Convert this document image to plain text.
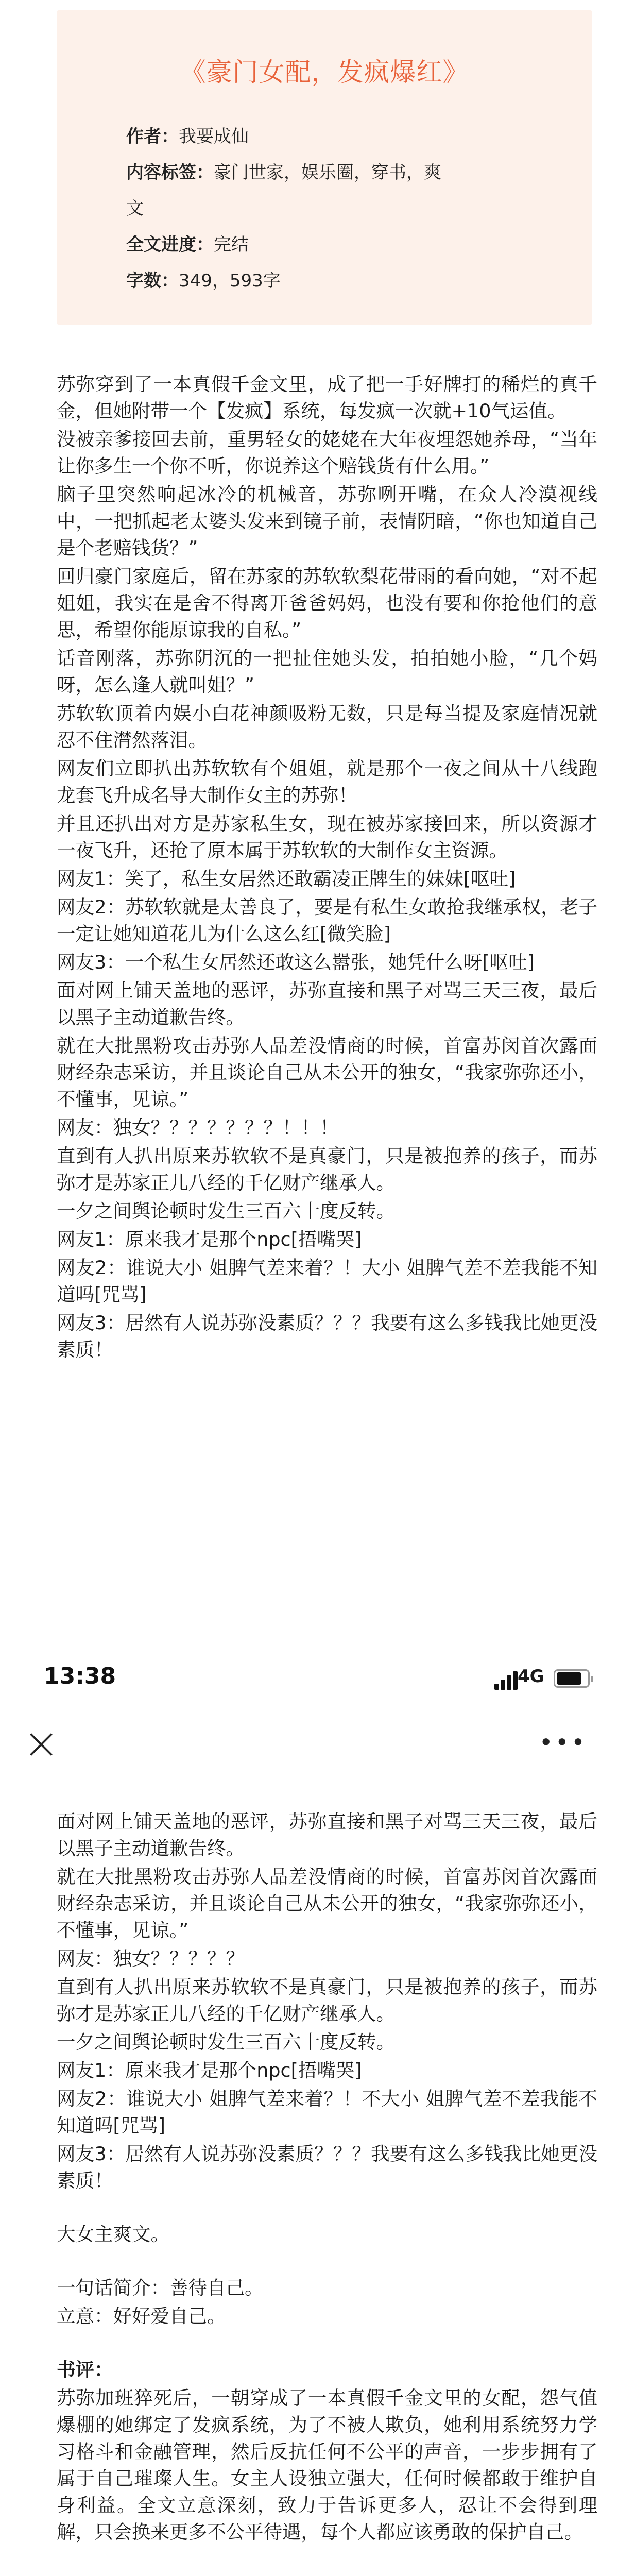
《豪门女配，发疯爆红》
作者：我要成仙
内容标签：豪门世家，娱乐圈，穿书，爽
文
全文进度：完结
字数：349，593字

苏弥穿到了一本真假千金文里，成了把一手好牌打的稀烂的真千金，但她附带一个【发疯】系统，每发疯一次就+10气运值。

没被亲爹接回去前，重男轻女的姥姥在大年夜埋怨她养母，“当年让你多生一个你不听，你说养这个赔钱货有什么用。”

脑子里突然响起冰冷的机械音，苏弥咧开嘴，在众人冷漠视线中，一把抓起老太婆头发来到镜子前，表情阴暗，“你也知道自己是个老赔钱货？”

回归豪门家庭后，留在苏家的苏软软梨花带雨的看向她，“对不起姐姐，我实在是舍不得离开爸爸妈妈，也没有要和你抢他们的意思，希望你能原谅我的自私。”

话音刚落，苏弥阴沉的一把扯住她头发，拍拍她小脸，“几个妈呀，怎么逢人就叫姐？”

苏软软顶着内娱小白花神颜吸粉无数，只是每当提及家庭情况就忍不住潸然落泪。

网友们立即扒出苏软软有个姐姐，就是那个一夜之间从十八线跑龙套飞升成名导大制作女主的苏弥！

并且还扒出对方是苏家私生女，现在被苏家接回来，所以资源才一夜飞升，还抢了原本属于苏软软的大制作女主资源。

网友1：笑了，私生女居然还敢霸凌正牌生的妹妹[呕吐]

网友2：苏软软就是太善良了，要是有私生女敢抢我继承权，老子一定让她知道花儿为什么这么红[微笑脸]

网友3：一个私生女居然还敢这么嚣张，她凭什么呀[呕吐]

面对网上铺天盖地的恶评，苏弥直接和黑子对骂三天三夜，最后以黑子主动道歉告终。

就在大批黑粉攻击苏弥人品差没情商的时候，首富苏闵首次露面财经杂志采访，并且谈论自己从未公开的独女，“我家弥弥还小，不懂事，见谅。”

网友：独女？？？？？？？！！！

直到有人扒出原来苏软软不是真豪门，只是被抱养的孩子，而苏弥才是苏家正儿八经的千亿财产继承人。

一夕之间舆论顿时发生三百六十度反转。

网友1：原来我才是那个npc[捂嘴哭]

网友2：谁说大小 姐脾气差来着？！大小 姐脾气差不差我能不知道吗[咒骂]

网友3：居然有人说苏弥没素质？？？我要有这么多钱我比她更没素质！

13:38	4G
•••

面对网上铺天盖地的恶评，苏弥直接和黑子对骂三天三夜，最后以黑子主动道歉告终。

就在大批黑粉攻击苏弥人品差没情商的时候，首富苏闵首次露面财经杂志采访，并且谈论自己从未公开的独女，“我家弥弥还小，不懂事，见谅。”

网友：独女？？？？？

直到有人扒出原来苏软软不是真豪门，只是被抱养的孩子，而苏弥才是苏家正儿八经的千亿财产继承人。

一夕之间舆论顿时发生三百六十度反转。

网友1：原来我才是那个npc[捂嘴哭]

网友2：谁说大小 姐脾气差来着？！不大小 姐脾气差不差我能不知道吗[咒骂]

网友3：居然有人说苏弥没素质？？？我要有这么多钱我比她更没素质！

大女主爽文。

一句话简介：善待自己。

立意：好好爱自己。

书评：

苏弥加班猝死后，一朝穿成了一本真假千金文里的女配，怨气值爆棚的她绑定了发疯系统，为了不被人欺负，她利用系统努力学习格斗和金融管理，然后反抗任何不公平的声音，一步步拥有了属于自己璀璨人生。女主人设独立强大，任何时候都敢于维护自身利益。全文立意深刻，致力于告诉更多人，忍让不会得到理解，只会换来更多不公平待遇，每个人都应该勇敢的保护自己。
